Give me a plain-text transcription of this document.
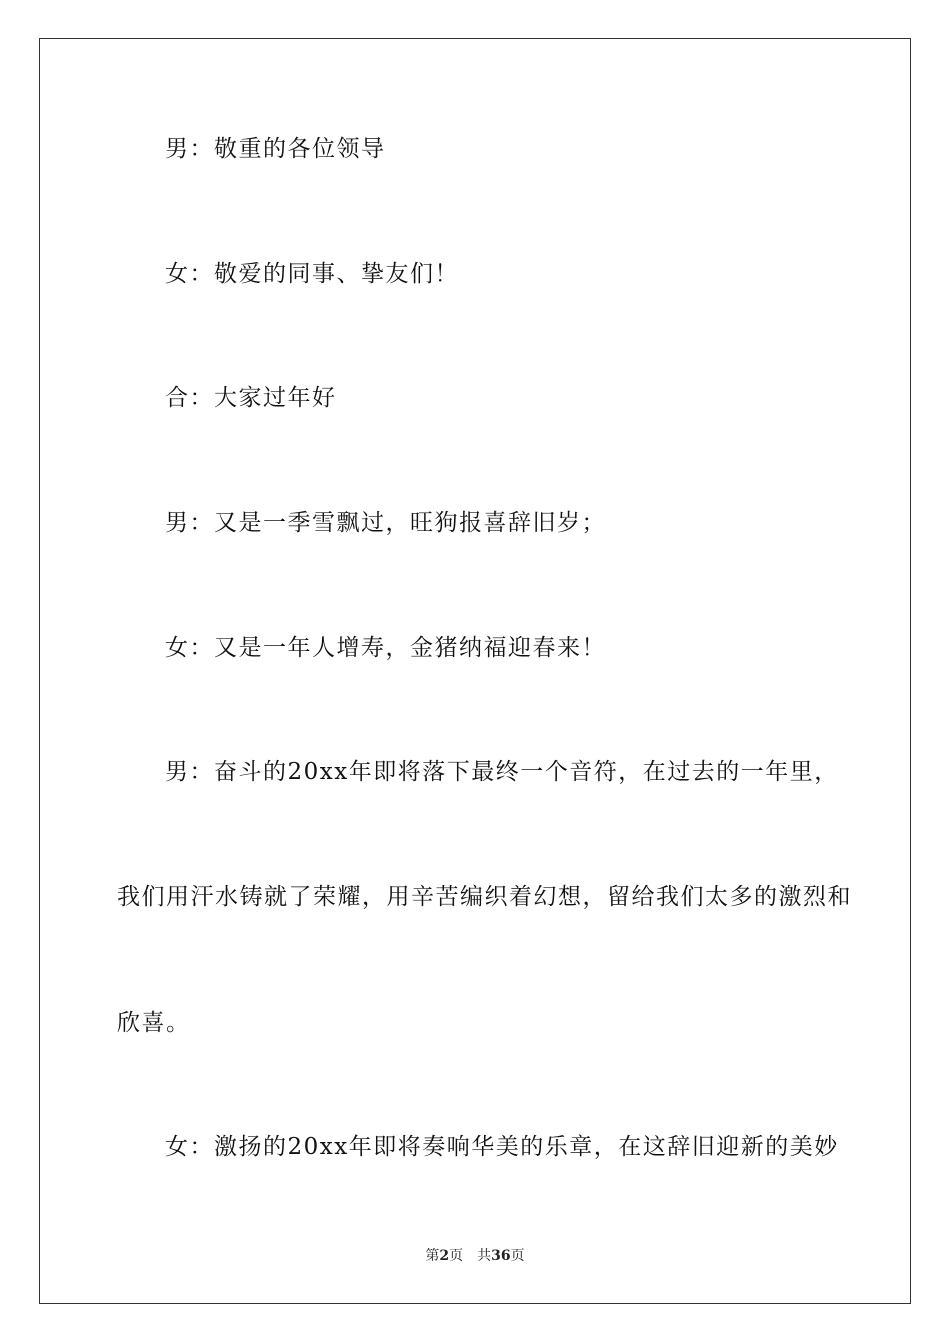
男：敬重的各位领导
女：敬爱的同事、挚友们！
合：大家过年好
男：又是一季雪飘过，旺狗报喜辞旧岁；
女：又是一年人增寿，金猪纳福迎春来！
男：奋斗的20xx年即将落下最终一个音符，在过去的一年里，
我们用汗水铸就了荣耀，用辛苦编织着幻想，留给我们太多的激烈和
欣喜。
女：激扬的20xx年即将奏响华美的乐章，在这辞旧迎新的美妙
第2页 共36页
